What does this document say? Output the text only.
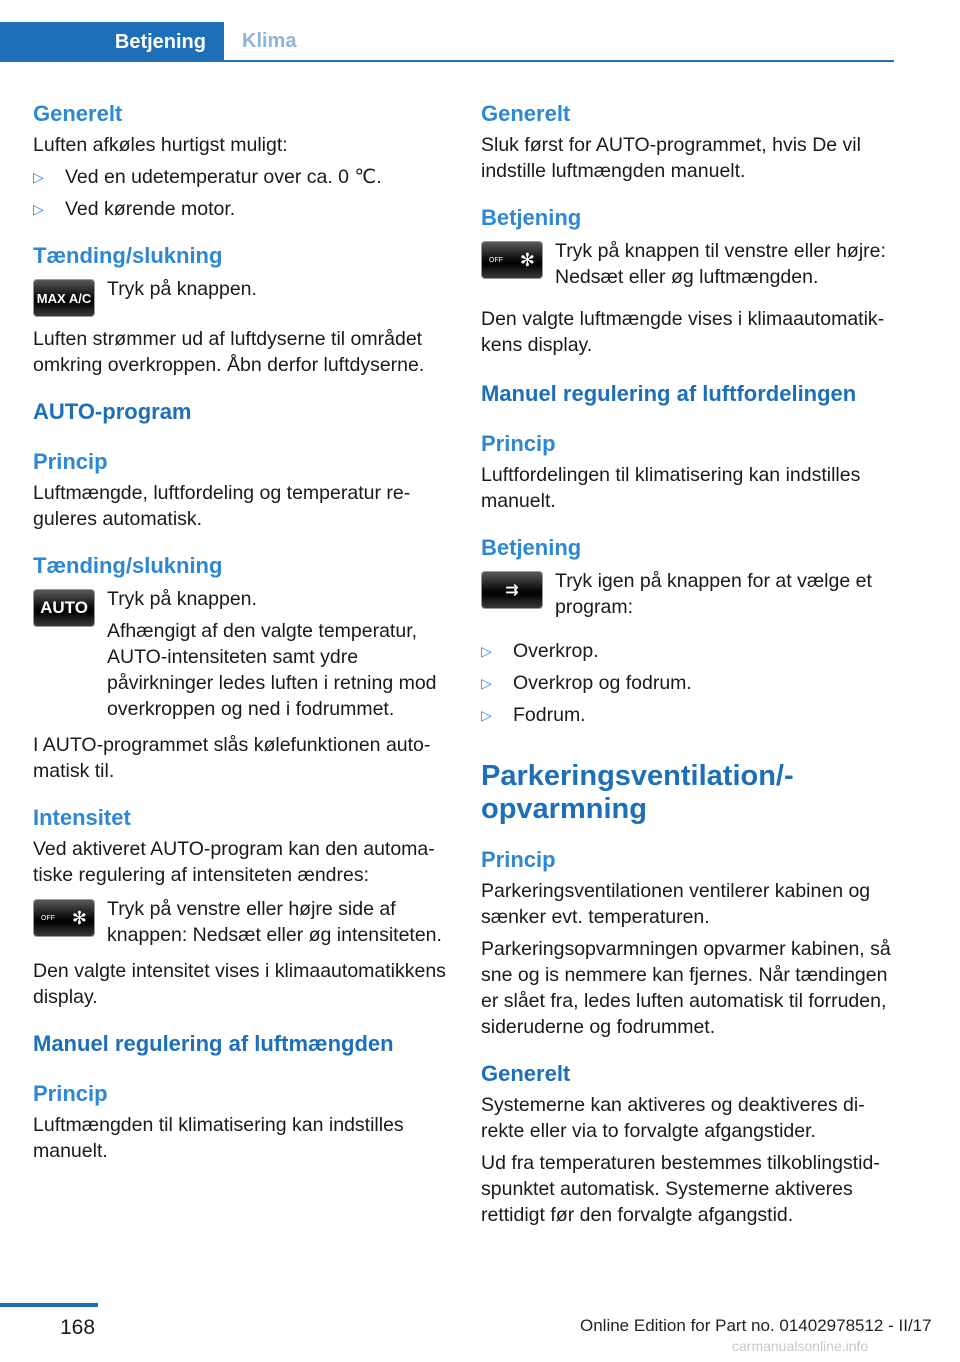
Betjening	Klima
Generelt
Luften afkøles hurtigst muligt:
▷	Ved en udetemperatur over ca. 0 ℃.
▷	Ved kørende motor.
Tænding/slukning
MAX A/C Tryk på knappen.
Luften strømmer ud af luftdyserne til området omkring overkroppen. Åbn derfor luftdyserne.
AUTO-program
Princip
Luftmængde, luftfordeling og temperatur reguleres automatisk.
Tænding/slukning
AUTO Tryk på knappen.
Afhængigt af den valgte temperatur, AUTO-intensiteten samt ydre påvirkninger ledes luften i retning mod overkroppen og ned i fodrummet.
I AUTO-programmet slås kølefunktionen automatisk til.
Intensitet
Ved aktiveret AUTO-program kan den automatiske regulering af intensiteten ændres:
OFF ✻ Tryk på venstre eller højre side af knappen: Nedsæt eller øg intensiteten.
Den valgte intensitet vises i klimaautomatikkens display.
Manuel regulering af luftmængden
Princip
Luftmængden til klimatisering kan indstilles manuelt.
Generelt
Sluk først for AUTO-programmet, hvis De vil indstille luftmængden manuelt.
Betjening
OFF ✻ Tryk på knappen til venstre eller højre: Nedsæt eller øg luftmængden.
Den valgte luftmængde vises i klimaautomatikkens display.
Manuel regulering af luftfordelingen
Princip
Luftfordelingen til klimatisering kan indstilles manuelt.
Betjening
⇉	Tryk igen på knappen for at vælge et program:
▷	Overkrop.
▷	Overkrop og fodrum.
▷	Fodrum.
Parkeringsventilation/-opvarmning
Princip
Parkeringsventilationen ventilerer kabinen og sænker evt. temperaturen.
Parkeringsopvarmningen opvarmer kabinen, så sne og is nemmere kan fjernes. Når tændingen er slået fra, ledes luften automatisk til forruden, sideruderne og fodrummet.
Generelt
Systemerne kan aktiveres og deaktiveres direkte eller via to forvalgte afgangstider.
Ud fra temperaturen bestemmes tilkoblingstidspunktet automatisk. Systemerne aktiveres rettidigt før den forvalgte afgangstid.
168	Online Edition for Part no. 01402978512 - II/17
carmanualsonline.info
